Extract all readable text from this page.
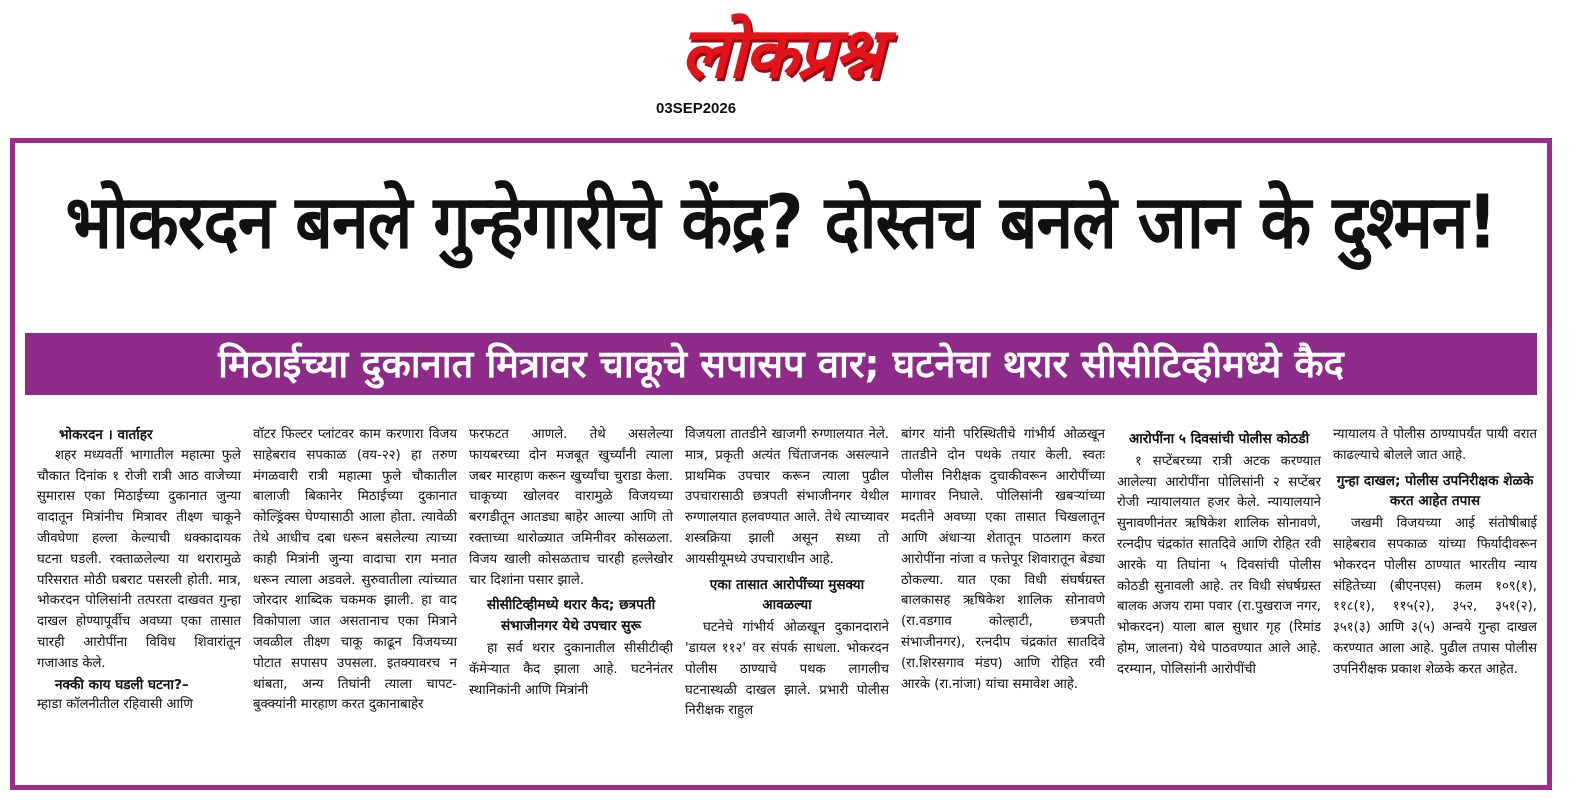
लोकप्रश्न
03SEP2026
भोकरदन बनले गुन्हेगारीचे केंद्र? दोस्तच बनले जान के दुश्मन!
मिठाईच्या दुकानात मित्रावर चाकूचे सपासप वार; घटनेचा थरार सीसीटिव्हीमध्ये कैद

भोकरदन । वार्ताहर

शहर मध्यवर्ती भागातील महात्मा फुले चौकात दिनांक १ रोजी रात्री आठ वाजेच्या सुमारास एका मिठाईच्या दुकानात जुन्या वादातून मित्रांनीच मित्रावर तीक्ष्ण चाकूने जीवघेणा हल्ला केल्याची धक्कादायक घटना घडली. रक्ताळलेल्या या थरारामुळे परिसरात मोठी घबराट पसरली होती. मात्र, भोकरदन पोलिसांनी तत्परता दाखवत गुन्हा दाखल होण्यापूर्वीच अवघ्या एका तासात चारही आरोपींना विविध शिवारांतून गजाआड केले.

नक्की काय घडली घटना?–

म्हाडा कॉलनीतील रहिवासी आणि

वॉटर फिल्टर प्लांटवर काम करणारा विजय साहेबराव सपकाळ (वय-२२) हा तरुण मंगळवारी रात्री महात्मा फुले चौकातील बालाजी बिकानेर मिठाईच्या दुकानात कोल्ड्रिंक्स घेण्यासाठी आला होता. त्यावेळी तेथे आधीच दबा धरून बसलेल्या त्याच्या काही मित्रांनी जुन्या वादाचा राग मनात धरून त्याला अडवले. सुरुवातीला त्यांच्यात जोरदार शाब्दिक चकमक झाली. हा वाद विकोपाला जात असतानाच एका मित्राने जवळील तीक्ष्ण चाकू काढून विजयच्या पोटात सपासप उपसला. इतक्यावरच न थांबता, अन्य तिघांनी त्याला चापट-बुक्क्यांनी मारहाण करत दुकानाबाहेर

फरफटत आणले. तेथे असलेल्या फायबरच्या दोन मजबूत खुर्च्यांनी त्याला जबर मारहाण करून खुर्च्यांचा चुराडा केला. चाकूच्या खोलवर वारामुळे विजयच्या बरगडीतून आतड्या बाहेर आल्या आणि तो रक्ताच्या थारोळ्यात जमिनीवर कोसळला. विजय खाली कोसळताच चारही हल्लेखोर चार दिशांना पसार झाले.

सीसीटिव्हीमध्ये थरार कैद; छत्रपती संभाजीनगर येथे उपचार सुरू

हा सर्व थरार दुकानातील सीसीटीव्ही कॅमेऱ्यात कैद झाला आहे. घटनेनंतर स्थानिकांनी आणि मित्रांनी

विजयला तातडीने खाजगी रुग्णालयात नेले. मात्र, प्रकृती अत्यंत चिंताजनक असल्याने प्राथमिक उपचार करून त्याला पुढील उपचारासाठी छत्रपती संभाजीनगर येथील रुग्णालयात हलवण्यात आले. तेथे त्याच्यावर शस्त्रक्रिया झाली असून सध्या तो आयसीयूमध्ये उपचाराधीन आहे.

एका तासात आरोपींच्या मुसक्या आवळल्या

घटनेचे गांभीर्य ओळखून दुकानदाराने 'डायल ११२' वर संपर्क साधला. भोकरदन पोलीस ठाण्याचे पथक लागलीच घटनास्थळी दाखल झाले. प्रभारी पोलीस निरीक्षक राहुल

बांगर यांनी परिस्थितीचे गांभीर्य ओळखून तातडीने दोन पथके तयार केली. स्वतः पोलीस निरीक्षक दुचाकीवरून आरोपींच्या मागावर निघाले. पोलिसांनी खबऱ्यांच्या मदतीने अवघ्या एका तासात चिखलातून आणि अंधाऱ्या शेतातून पाठलाग करत आरोपींना नांजा व फत्तेपूर शिवारातून बेड्या ठोकल्या. यात एका विधी संघर्षग्रस्त बालकासह ऋषिकेश शालिक सोनावणे (रा.वडगाव कोल्हाटी, छत्रपती संभाजीनगर), रत्नदीप चंद्रकांत सातदिवे (रा.शिरसगाव मंडप) आणि रोहित रवी आरके (रा.नांजा) यांचा समावेश आहे.

आरोपींना ५ दिवसांची पोलीस कोठडी

१ सप्टेंबरच्या रात्री अटक करण्यात आलेल्या आरोपींना पोलिसांनी २ सप्टेंबर रोजी न्यायालयात हजर केले. न्यायालयाने सुनावणीनंतर ऋषिकेश शालिक सोनावणे, रत्नदीप चंद्रकांत सातदिवे आणि रोहित रवी आरके या तिघांना ५ दिवसांची पोलीस कोठडी सुनावली आहे. तर विधी संघर्षग्रस्त बालक अजय रामा पवार (रा.पुखराज नगर, भोकरदन) याला बाल सुधार गृह (रिमांड होम, जालना) येथे पाठवण्यात आले आहे. दरम्यान, पोलिसांनी आरोपींची

न्यायालय ते पोलीस ठाण्यापर्यंत पायी वरात काढल्याचे बोलले जात आहे.

गुन्हा दाखल; पोलीस उपनिरीक्षक शेळके करत आहेत तपास

जखमी विजयच्या आई संतोषीबाई साहेबराव सपकाळ यांच्या फिर्यादीवरून भोकरदन पोलीस ठाण्यात भारतीय न्याय संहितेच्या (बीएनएस) कलम १०९(१), ११८(१), ११५(२), ३५२, ३५१(२), ३५१(३) आणि ३(५) अन्वये गुन्हा दाखल करण्यात आला आहे. पुढील तपास पोलीस उपनिरीक्षक प्रकाश शेळके करत आहेत.
